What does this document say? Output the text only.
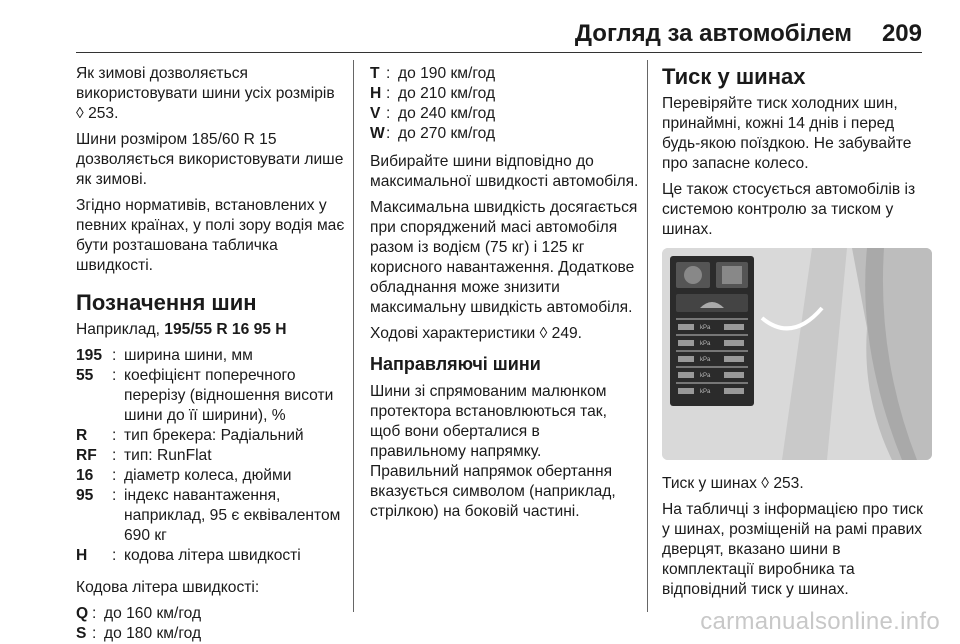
Догляд за автомобілем 209

Як зимові дозволяється використовувати шини усіх розмірів ◊ 253.

Шини розміром 185/60 R 15 дозволяється використовувати лише як зимові.

Згідно нормативів, встановлених у певних країнах, у полі зору водія має бути розташована табличка швидкості.

Позначення шин

Наприклад, 195/55 R 16 95 H

195 : ширина шини, мм
55	: коефіцієнт поперечного перерізу (відношення висоти шини до її ширини), %
R	: тип брекера: Радіальний
RF : тип: RunFlat
16	: діаметр колеса, дюйми
95	: індекс навантаження, наприклад, 95 є еквівалентом 690 кг
H	: кодова літера швидкості

Кодова літера швидкості:

Q : до 160 км/год
S : до 180 км/год
T : до 190 км/год
H : до 210 км/год
V : до 240 км/год
W : до 270 км/год

Вибирайте шини відповідно до максимальної швидкості автомобіля.

Максимальна швидкість досягається при споряджений масі автомобіля разом із водієм (75 кг) і 125 кг корисного навантаження. Додаткове обладнання може знизити максимальну швидкість автомобіля.

Ходові характеристики ◊ 249.

Направляючі шини

Шини зі спрямованим малюнком протектора встановлюються так, щоб вони оберталися в правильному напрямку.

Правильний напрямок обертання вказується символом (наприклад, стрілкою) на боковій частині.

Тиск у шинах

Перевіряйте тиск холодних шин, принаймні, кожні 14 днів і перед будь-якою поїздкою. Не забувайте про запасне колесо.

Це також стосується автомобілів із системою контролю за тиском у шинах.

kPa
kPa
kPa
kPa
kPa

Тиск у шинах ◊ 253.

На табличці з інформацією про тиск у шинах, розміщеній на рамі правих дверцят, вказано шини в комплектації виробника та відповідний тиск у шинах.

carmanualsonline.info
